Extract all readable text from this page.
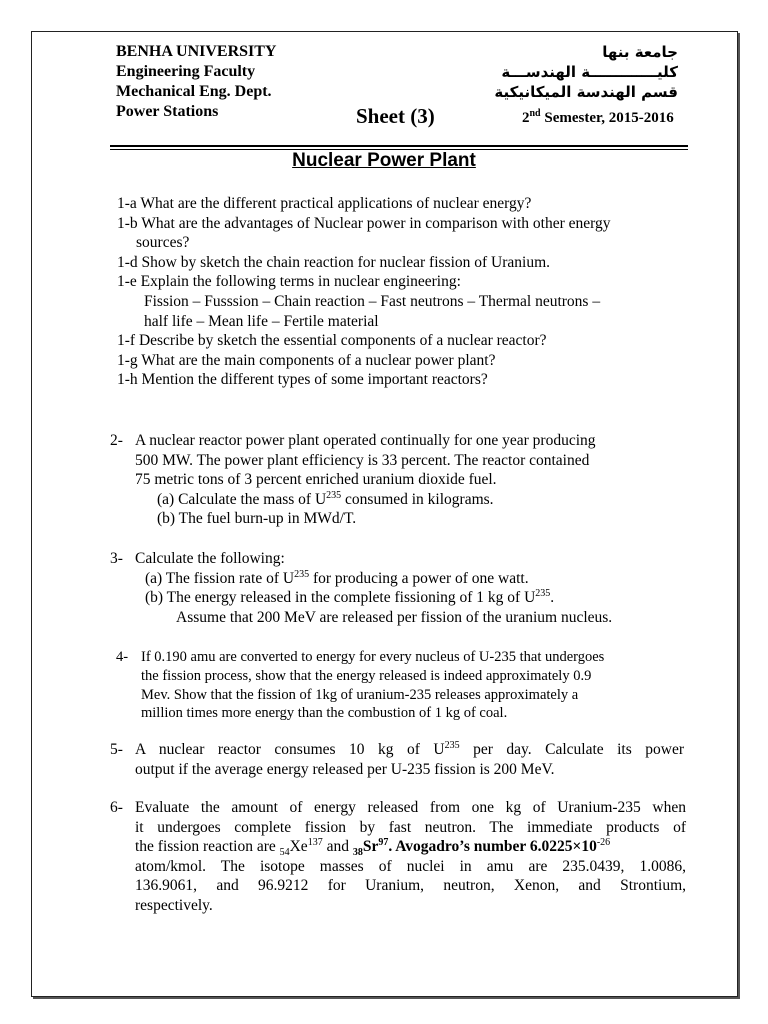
BENHA UNIVERSITY
Engineering Faculty
Mechanical Eng. Dept.
Power Stations
جامعة بنها
كليـــــــــــــة الهندســـة
قسم الهندسة الميكانيكية
Sheet (3)	2nd Semester, 2015-2016
Nuclear Power Plant
1-a What are the different practical applications of nuclear energy?
1-b What are the advantages of Nuclear power in comparison with other energy
sources?
1-d Show by sketch the chain reaction for nuclear fission of Uranium.
1-e Explain the following terms in nuclear engineering:
Fission – Fusssion – Chain reaction – Fast neutrons – Thermal neutrons –
half life – Mean life – Fertile material
1-f Describe by sketch the essential components of a nuclear reactor?
1-g What are the main components of a nuclear power plant?
1-h Mention the different types of some important reactors?
2- A nuclear reactor power plant operated continually for one year producing
500 MW. The power plant efficiency is 33 percent. The reactor contained
75 metric tons of 3 percent enriched uranium dioxide fuel.
(a) Calculate the mass of $U^{235}$ consumed in kilograms.
(b) The fuel burn-up in MWd/T.
3- Calculate the following:
(a) The fission rate of $U^{235}$ for producing a power of one watt.
(b) The energy released in the complete fissioning of 1 kg of $U^{235}$.
Assume that 200 MeV are released per fission of the uranium nucleus.
4- If 0.190 amu are converted to energy for every nucleus of U-235 that undergoes
the fission process, show that the energy released is indeed approximately 0.9
Mev. Show that the fission of 1kg of uranium-235 releases approximately a
million times more energy than the combustion of 1 kg of coal.
5- A nuclear reactor consumes 10 kg of $U^{235}$ per day. Calculate its power
output if the average energy released per U-235 fission is 200 MeV.
6- Evaluate the amount of energy released from one kg of Uranium-235 when
it undergoes complete fission by fast neutron. The immediate products of
the fission reaction are $_{54}Xe^{137}$ and $_{38}Sr^{97}$. Avogadro’s number $6.0225\times 10^{-26}$
atom/kmol. The isotope masses of nuclei in amu are 235.0439, 1.0086,
136.9061, and 96.9212 for Uranium, neutron, Xenon, and Strontium,
respectively.
